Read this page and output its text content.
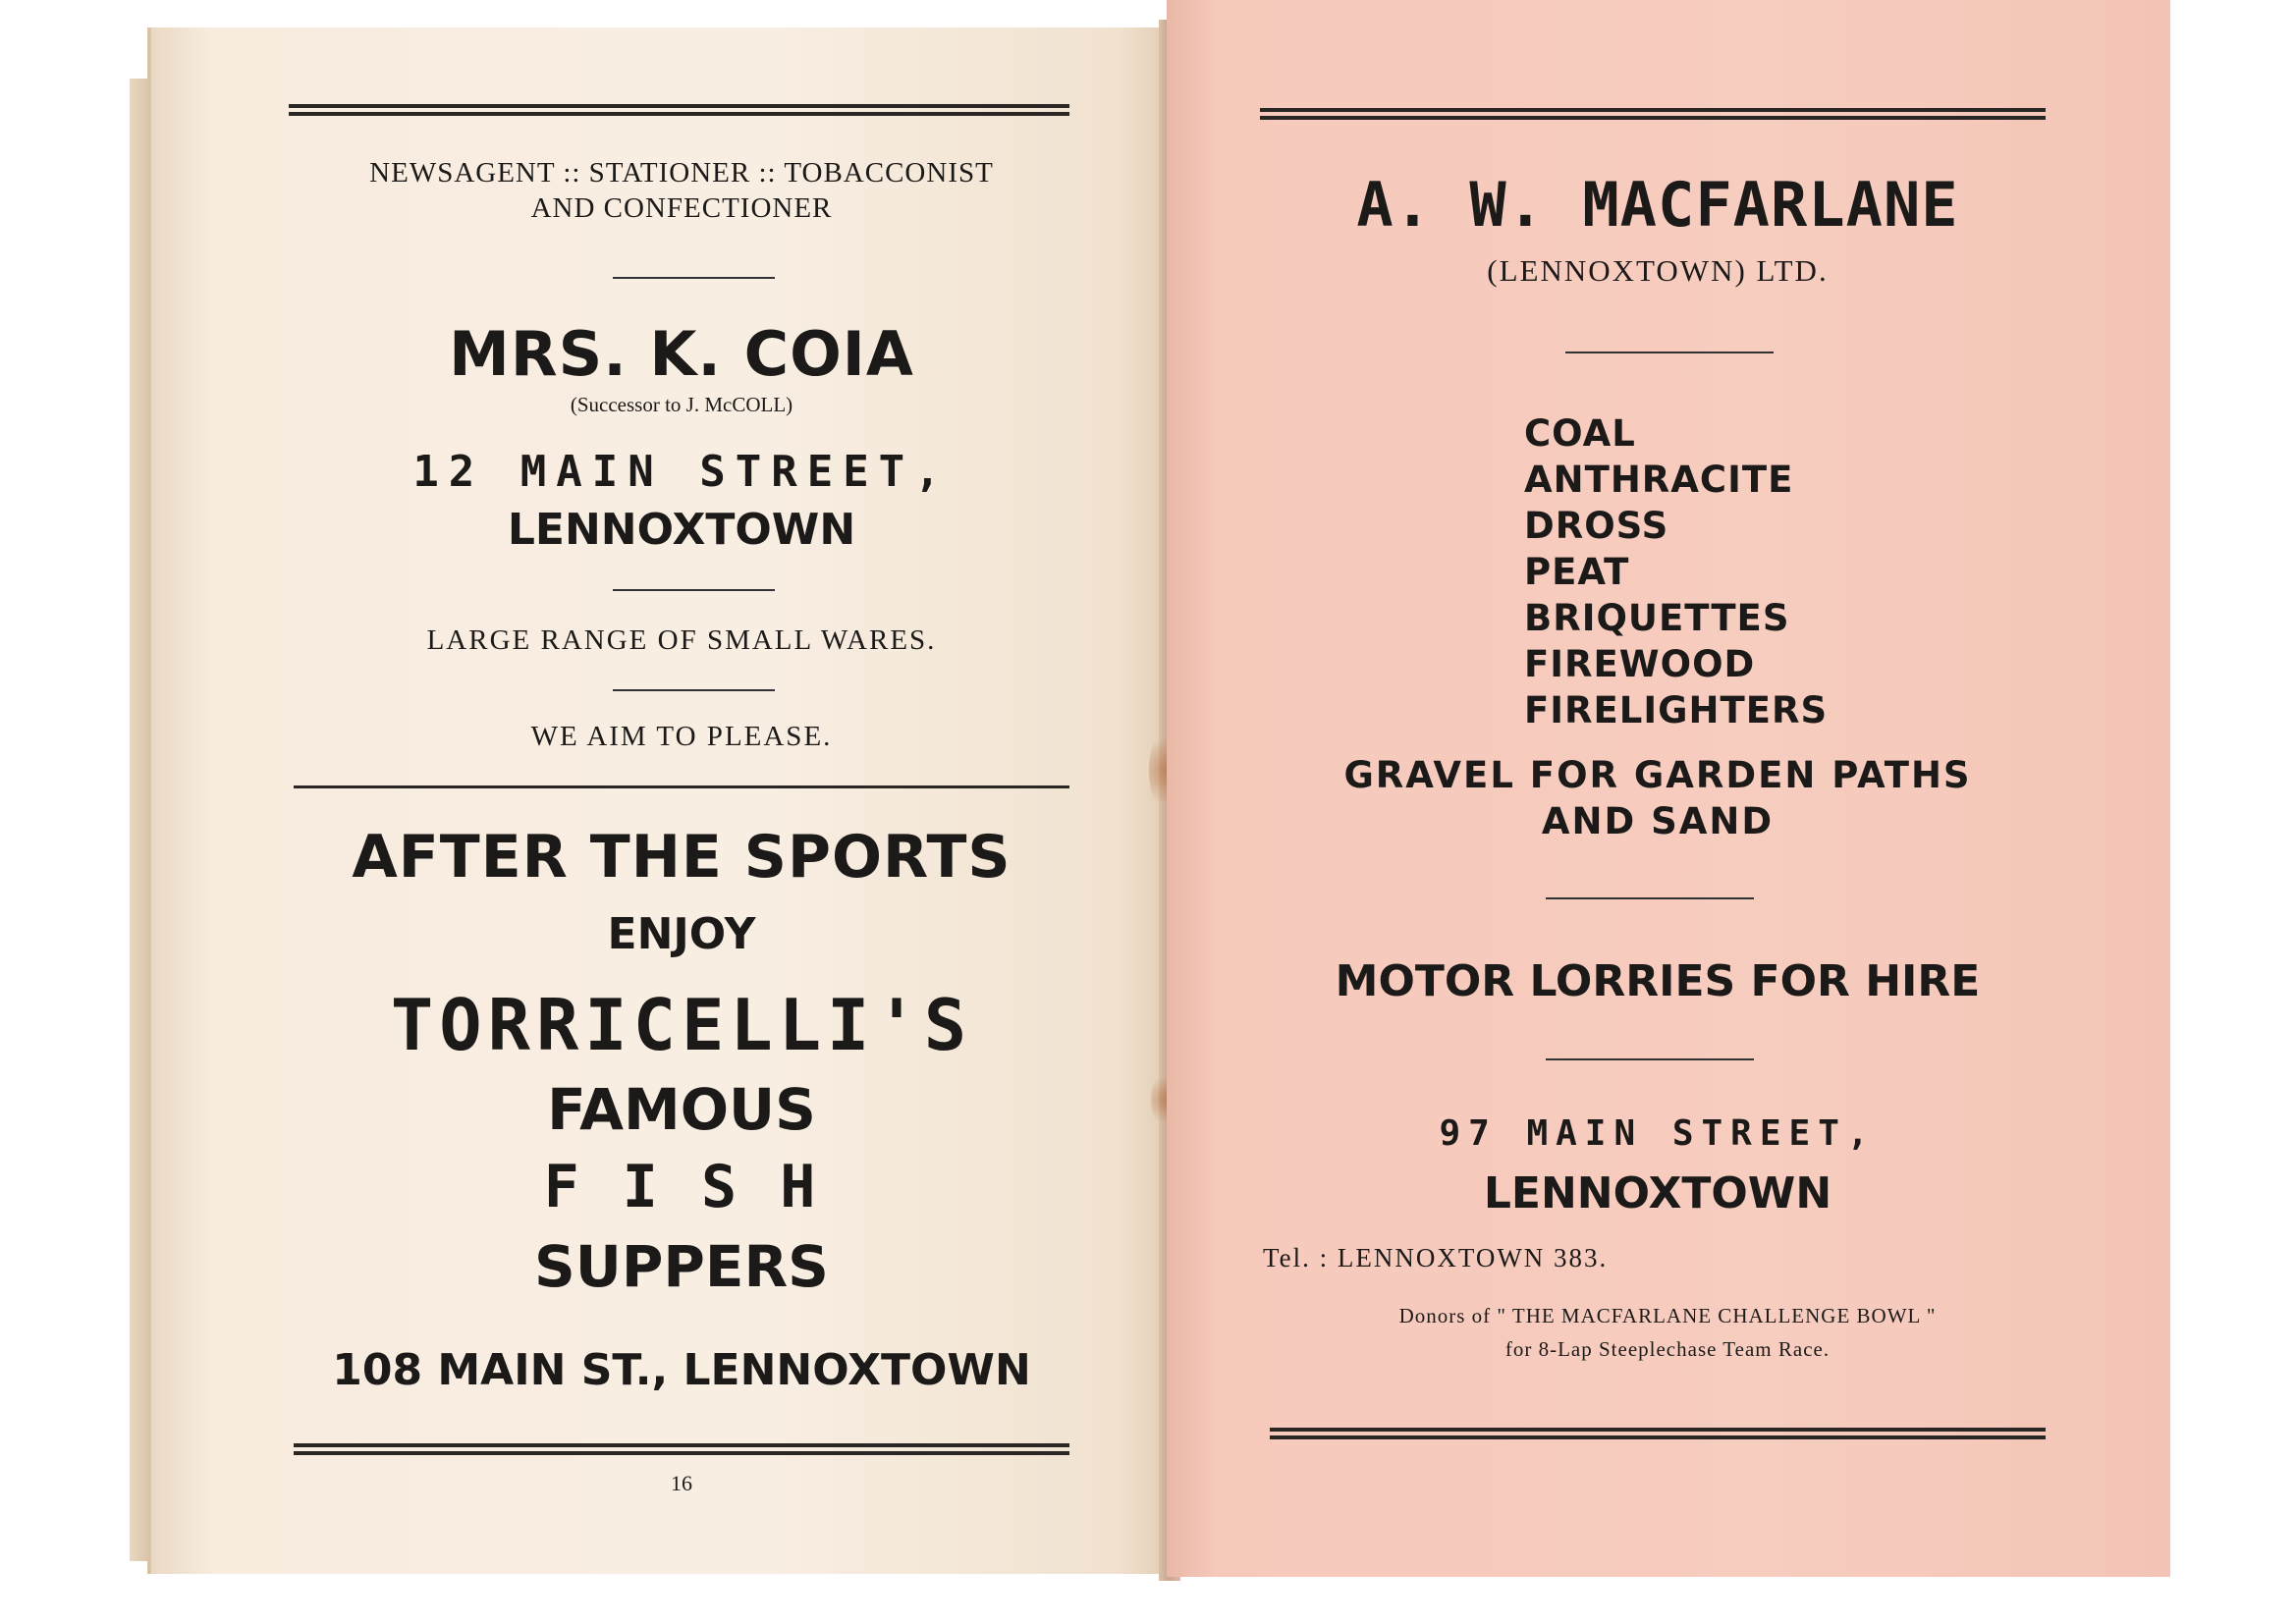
NEWSAGENT :: STATIONER :: TOBACCONIST
AND CONFECTIONER
MRS. K. COIA
(Successor to J. McCOLL)
12 MAIN STREET,
LENNOXTOWN
LARGE RANGE OF SMALL WARES.
WE AIM TO PLEASE.
AFTER THE SPORTS
ENJOY
TORRICELLI'S
FAMOUS
F I S H
SUPPERS
108 MAIN ST., LENNOXTOWN
16
A. W. MACFARLANE
(LENNOXTOWN) LTD.
COAL
ANTHRACITE
DROSS
PEAT
BRIQUETTES
FIREWOOD
FIRELIGHTERS
GRAVEL FOR GARDEN PATHS
AND SAND
MOTOR LORRIES FOR HIRE
97 MAIN STREET,
LENNOXTOWN
Tel. : LENNOXTOWN 383.
Donors of " THE MACFARLANE CHALLENGE BOWL "
for 8-Lap Steeplechase Team Race.
